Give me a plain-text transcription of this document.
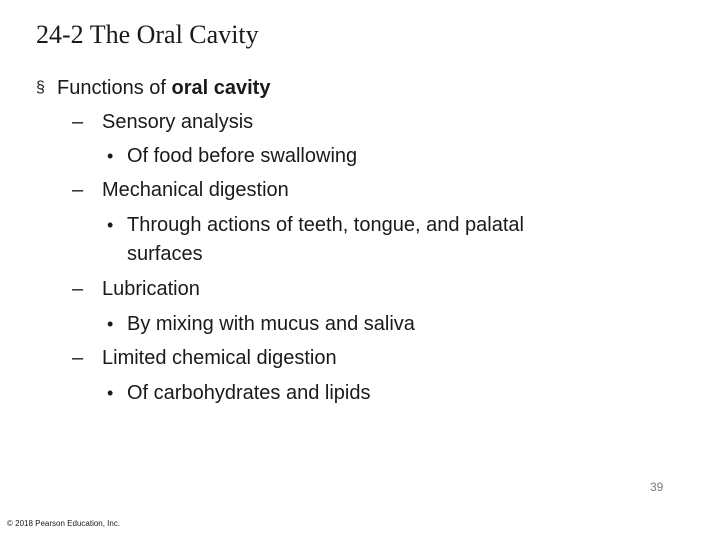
24-2 The Oral Cavity
§ Functions of oral cavity
– Sensory analysis
• Of food before swallowing
– Mechanical digestion
• Through actions of teeth, tongue, and palatal
surfaces
– Lubrication
• By mixing with mucus and saliva
– Limited chemical digestion
• Of carbohydrates and lipids
39
© 2018 Pearson Education, Inc.
